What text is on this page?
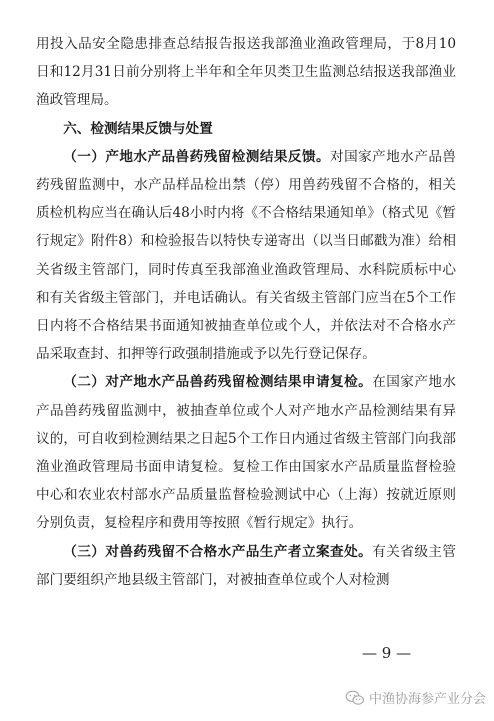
用投入品安全隐患排查总结报告报送我部渔业渔政管理局，于8月10日和12月31日前分别将上半年和全年贝类卫生监测总结报送我部渔业渔政管理局。

六、检测结果反馈与处置

（一）产地水产品兽药残留检测结果反馈。对国家产地水产品兽药残留监测中，水产品样品检出禁（停）用兽药残留不合格的，相关质检机构应当在确认后48小时内将《不合格结果通知单》（格式见《暂行规定》附件8）和检验报告以特快专递寄出（以当日邮戳为准）给相关省级主管部门，同时传真至我部渔业渔政管理局、水科院质标中心和有关省级主管部门，并电话确认。有关省级主管部门应当在5个工作日内将不合格结果书面通知被抽查单位或个人，并依法对不合格水产品采取查封、扣押等行政强制措施或予以先行登记保存。

（二）对产地水产品兽药残留检测结果申请复检。在国家产地水产品兽药残留监测中，被抽查单位或个人对产地水产品检测结果有异议的，可自收到检测结果之日起5个工作日内通过省级主管部门向我部渔业渔政管理局书面申请复检。复检工作由国家水产品质量监督检验中心和农业农村部水产品质量监督检验测试中心（上海）按就近原则分别负责，复检程序和费用等按照《暂行规定》执行。

（三）对兽药残留不合格水产品生产者立案查处。有关省级主管部门要组织产地县级主管部门，对被抽查单位或个人对检测

— 9 —
中渔协海参产业分会
